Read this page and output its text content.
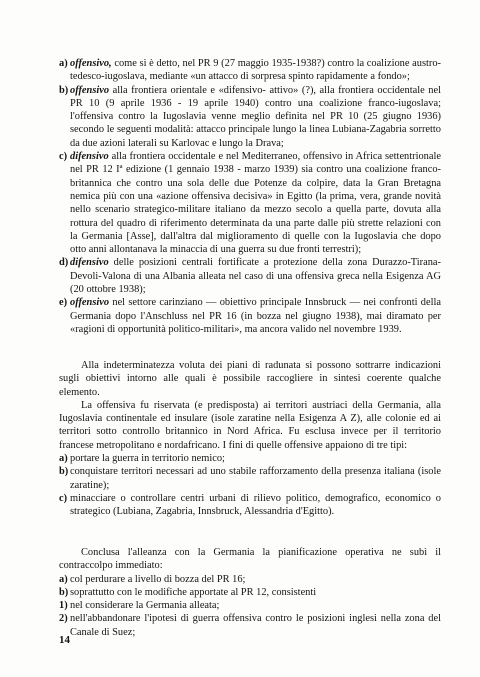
a) offensivo, come si è detto, nel PR 9 (27 maggio 1935-1938?) contro la coalizione austro-tedesco-iugoslava, mediante «un attacco di sorpresa spinto rapidamente a fondo»;
b) offensivo alla frontiera orientale e «difensivo- attivo» (?), alla frontiera occidentale nel PR 10 (9 aprile 1936 - 19 aprile 1940) contro una coalizione franco-iugoslava; l'offensiva contro la Iugoslavia venne meglio definita nel PR 10 (25 giugno 1936) secondo le seguenti modalità: attacco principale lungo la linea Lubiana-Zagabria sorretto da due azioni laterali su Karlovac e lungo la Drava;
c) difensivo alla frontiera occidentale e nel Mediterraneo, offensivo in Africa settentrionale nel PR 12 Iª edizione (1 gennaio 1938 - marzo 1939) sia contro una coalizione franco-britannica che contro una sola delle due Potenze da colpire, data la Gran Bretagna nemica più con una «azione offensiva decisiva» in Egitto (la prima, vera, grande novità nello scenario strategico-militare italiano da mezzo secolo a quella parte, dovuta alla rottura del quadro di riferimento determinata da una parte dalle più strette relazioni con la Germania [Asse], dall'altra dal miglioramento di quelle con la Iugoslavia che dopo otto anni allontanava la minaccia di una guerra su due fronti terrestri);
d) difensivo delle posizioni centrali fortificate a protezione della zona Durazzo-Tirana-Devoli-Valona di una Albania alleata nel caso di una offensiva greca nella Esigenza AG (20 ottobre 1938);
e) offensivo nel settore carinziano — obiettivo principale Innsbruck — nei confronti della Germania dopo l'Anschluss nel PR 16 (in bozza nel giugno 1938), mai diramato per «ragioni di opportunità politico-militari», ma ancora valido nel novembre 1939.
Alla indeterminatezza voluta dei piani di radunata si possono sottrarre indicazioni sugli obiettivi intorno alle quali è possibile raccogliere in sintesi coerente qualche elemento.
La offensiva fu riservata (e predisposta) ai territori austriaci della Germania, alla Iugoslavia continentale ed insulare (isole zaratine nella Esigenza A Z), alle colonie ed ai territori sotto controllo britannico in Nord Africa. Fu esclusa invece per il territorio francese metropolitano e nordafricano. I fini di quelle offensive appaiono di tre tipi:
a) portare la guerra in territorio nemico;
b) conquistare territori necessari ad uno stabile rafforzamento della presenza italiana (isole zaratine);
c) minacciare o controllare centri urbani di rilievo politico, demografico, economico o strategico (Lubiana, Zagabria, Innsbruck, Alessandria d'Egitto).
Conclusa l'alleanza con la Germania la pianificazione operativa ne subì il contraccolpo immediato:
a) col perdurare a livello di bozza del PR 16;
b) soprattutto con le modifiche apportate al PR 12, consistenti
1) nel considerare la Germania alleata;
2) nell'abbandonare l'ipotesi di guerra offensiva contro le posizioni inglesi nella zona del Canale di Suez;
14
